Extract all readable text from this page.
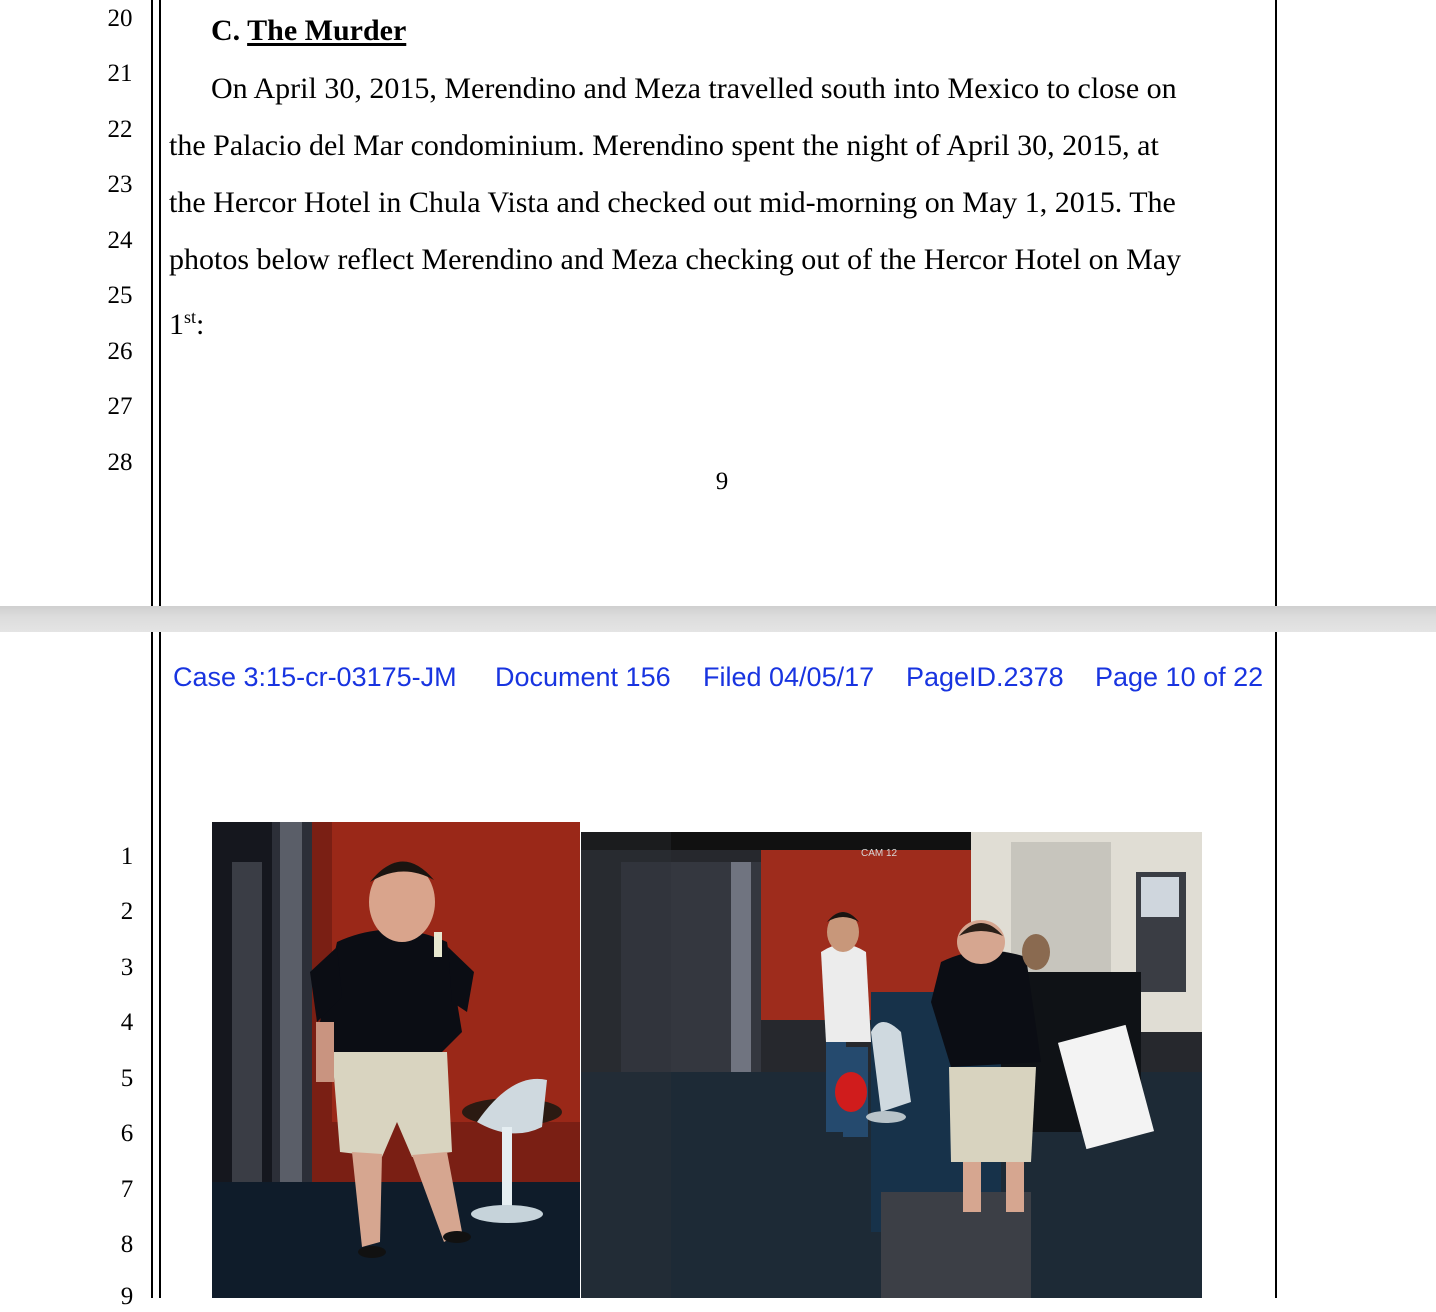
20
21
22
23
24
25
26
27
28
C. The Murder
On April 30, 2015, Merendino and Meza travelled south into Mexico to close on
the Palacio del Mar condominium. Merendino spent the night of April 30, 2015, at
the Hercor Hotel in Chula Vista and checked out mid-morning on May 1, 2015. The
photos below reflect Merendino and Meza checking out of the Hercor Hotel on May
1st:
9
Case 3:15-cr-03175-JM Document 156 Filed 04/05/17 PageID.2378 Page 10 of 22
1
2
3
4
5
6
7
8
9
CAM 12
